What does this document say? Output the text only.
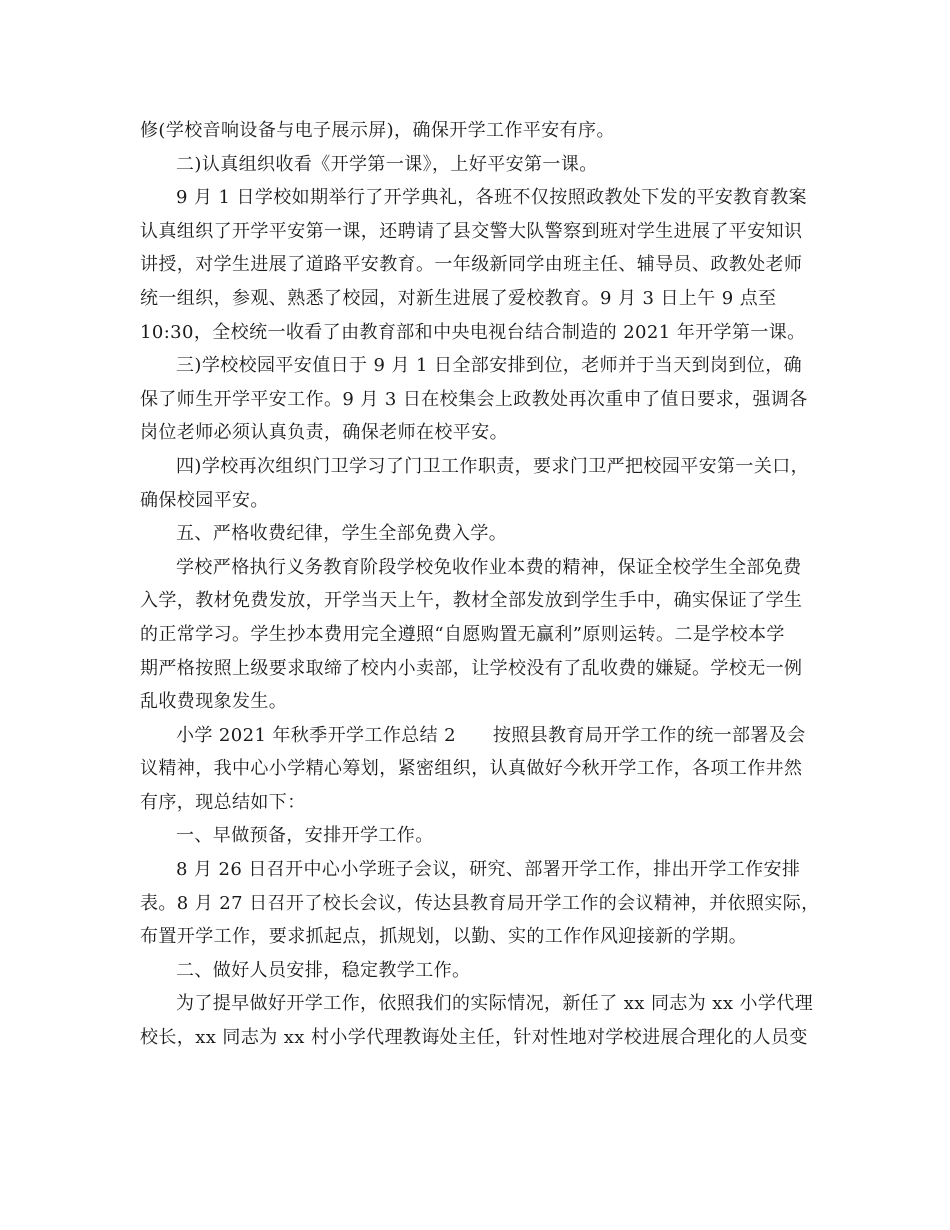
修(学校音响设备与电子展示屏)，确保开学工作平安有序。
二)认真组织收看《开学第一课》，上好平安第一课。
9 月 1 日学校如期举行了开学典礼，各班不仅按照政教处下发的平安教育教案
认真组织了开学平安第一课，还聘请了县交警大队警察到班对学生进展了平安知识
讲授，对学生进展了道路平安教育。一年级新同学由班主任、辅导员、政教处老师
统一组织，参观、熟悉了校园，对新生进展了爱校教育。9 月 3 日上午 9 点至
10:30，全校统一收看了由教育部和中央电视台结合制造的 2021 年开学第一课。
三)学校校园平安值日于 9 月 1 日全部安排到位，老师并于当天到岗到位，确
保了师生开学平安工作。9 月 3 日在校集会上政教处再次重申了值日要求，强调各
岗位老师必须认真负责，确保老师在校平安。
四)学校再次组织门卫学习了门卫工作职责，要求门卫严把校园平安第一关口，
确保校园平安。
五、严格收费纪律，学生全部免费入学。
学校严格执行义务教育阶段学校免收作业本费的精神，保证全校学生全部免费
入学，教材免费发放，开学当天上午，教材全部发放到学生手中，确实保证了学生
的正常学习。学生抄本费用完全遵照“自愿购置无赢利”原则运转。二是学校本学
期严格按照上级要求取缔了校内小卖部，让学校没有了乱收费的嫌疑。学校无一例
乱收费现象发生。
小学 2021 年秋季开学工作总结 2　　按照县教育局开学工作的统一部署及会
议精神，我中心小学精心筹划，紧密组织，认真做好今秋开学工作，各项工作井然
有序，现总结如下：
一、早做预备，安排开学工作。
8 月 26 日召开中心小学班子会议，研究、部署开学工作，排出开学工作安排
表。8 月 27 日召开了校长会议，传达县教育局开学工作的会议精神，并依照实际，
布置开学工作，要求抓起点，抓规划，以勤、实的工作作风迎接新的学期。
二、做好人员安排，稳定教学工作。
为了提早做好开学工作，依照我们的实际情况，新任了 xx 同志为 xx 小学代理
校长，xx 同志为 xx 村小学代理教诲处主任，针对性地对学校进展合理化的人员变
